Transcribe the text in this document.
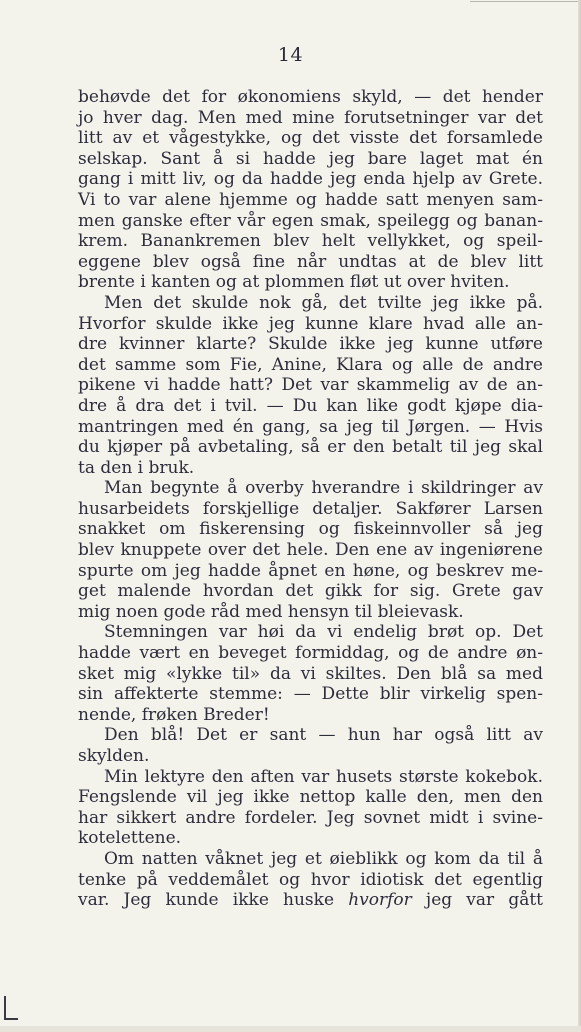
14
behøvde det for økonomiens skyld, — det hender
jo hver dag. Men med mine forutsetninger var det
litt av et vågestykke, og det visste det forsamlede
selskap. Sant å si hadde jeg bare laget mat én
gang i mitt liv, og da hadde jeg enda hjelp av Grete.
Vi to var alene hjemme og hadde satt menyen sam-
men ganske efter vår egen smak, speilegg og banan-
krem. Banankremen blev helt vellykket, og speil-
eggene blev også fine når undtas at de blev litt
brente i kanten og at plommen fløt ut over hviten.
Men det skulde nok gå, det tvilte jeg ikke på.
Hvorfor skulde ikke jeg kunne klare hvad alle an-
dre kvinner klarte? Skulde ikke jeg kunne utføre
det samme som Fie, Anine, Klara og alle de andre
pikene vi hadde hatt? Det var skammelig av de an-
dre å dra det i tvil. — Du kan like godt kjøpe dia-
mantringen med én gang, sa jeg til Jørgen. — Hvis
du kjøper på avbetaling, så er den betalt til jeg skal
ta den i bruk.
Man begynte å overby hverandre i skildringer av
husarbeidets forskjellige detaljer. Sakfører Larsen
snakket om fiskerensing og fiskeinnvoller så jeg
blev knuppete over det hele. Den ene av ingeniørene
spurte om jeg hadde åpnet en høne, og beskrev me-
get malende hvordan det gikk for sig. Grete gav
mig noen gode råd med hensyn til bleievask.
Stemningen var høi da vi endelig brøt op. Det
hadde vært en beveget formiddag, og de andre øn-
sket mig «lykke til» da vi skiltes. Den blå sa med
sin affekterte stemme: — Dette blir virkelig spen-
nende, frøken Breder!
Den blå! Det er sant — hun har også litt av
skylden.
Min lektyre den aften var husets største kokebok.
Fengslende vil jeg ikke nettop kalle den, men den
har sikkert andre fordeler. Jeg sovnet midt i svine-
kotelettene.
Om natten våknet jeg et øieblikk og kom da til å
tenke på veddemålet og hvor idiotisk det egentlig
var. Jeg kunde ikke huske hvorfor jeg var gått
